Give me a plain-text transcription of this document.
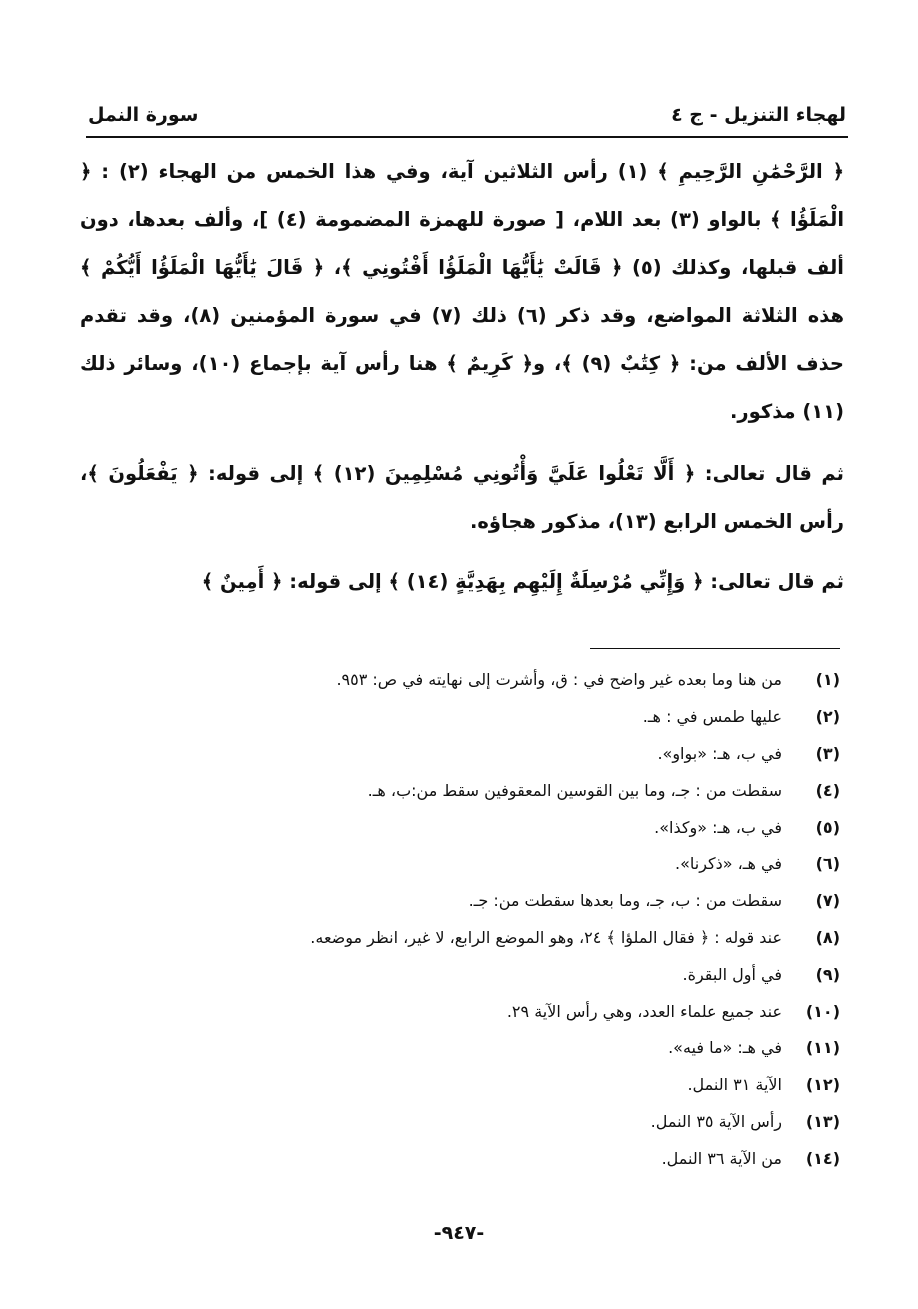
لهجاء التنزيل - ج ٤
سورة النمل

﴿ الرَّحْمَٰنِ الرَّحِيمِ ﴾ (١) رأس الثلاثين آية، وفي هذا الخمس من الهجاء (٢) : ﴿ الْمَلَؤُا ﴾ بالواو (٣) بعد اللام، [ صورة للهمزة المضمومة (٤) ]، وألف بعدها، دون ألف قبلها، وكذلك (٥) ﴿ قَالَتْ يَٰأَيُّهَا الْمَلَؤُا أَفْتُونِي ﴾، ﴿ قَالَ يَٰأَيُّهَا الْمَلَؤُا أَيُّكُمْ ﴾ هذه الثلاثة المواضع، وقد ذكر (٦) ذلك (٧) في سورة المؤمنين (٨)، وقد تقدم حذف الألف من: ﴿ كِتَٰبٌ (٩) ﴾، و﴿ كَرِيمٌ ﴾ هنا رأس آية بإجماع (١٠)، وسائر ذلك (١١) مذكور.

ثم قال تعالى: ﴿ أَلَّا تَعْلُوا عَلَيَّ وَأْتُونِي مُسْلِمِينَ (١٢) ﴾ إلى قوله: ﴿ يَفْعَلُونَ ﴾، رأس الخمس الرابع (١٣)، مذكور هجاؤه.

ثم قال تعالى: ﴿ وَإِنِّي مُرْسِلَةٌ إِلَيْهِم بِهَدِيَّةٍ (١٤) ﴾ إلى قوله: ﴿ أَمِينٌ ﴾

(١)
من هنا وما بعده غير واضح في : ق، وأشرت إلى نهايته في ص: ٩٥٣.
(٢)
عليها طمس في : هـ.
(٣)
في ب، هـ: «بواو».
(٤)
سقطت من : جـ، وما بين القوسين المعقوفين سقط من:ب، هـ.
(٥)
في ب، هـ: «وكذا».
(٦)
في هـ، «ذكرنا».
(٧)
سقطت من : ب، جـ، وما بعدها سقطت من: جـ.
(٨)
عند قوله : ﴿ فقال الملؤا ﴾ ٢٤، وهو الموضع الرابع، لا غير، انظر موضعه.
(٩)
في أول البقرة.
(١٠)
عند جميع علماء العدد، وهي رأس الآية ٢٩.
(١١)
في هـ: «ما فيه».
(١٢)
الآية ٣١ النمل.
(١٣)
رأس الآية ٣٥ النمل.
(١٤)
من الآية ٣٦ النمل.
-٩٤٧-
